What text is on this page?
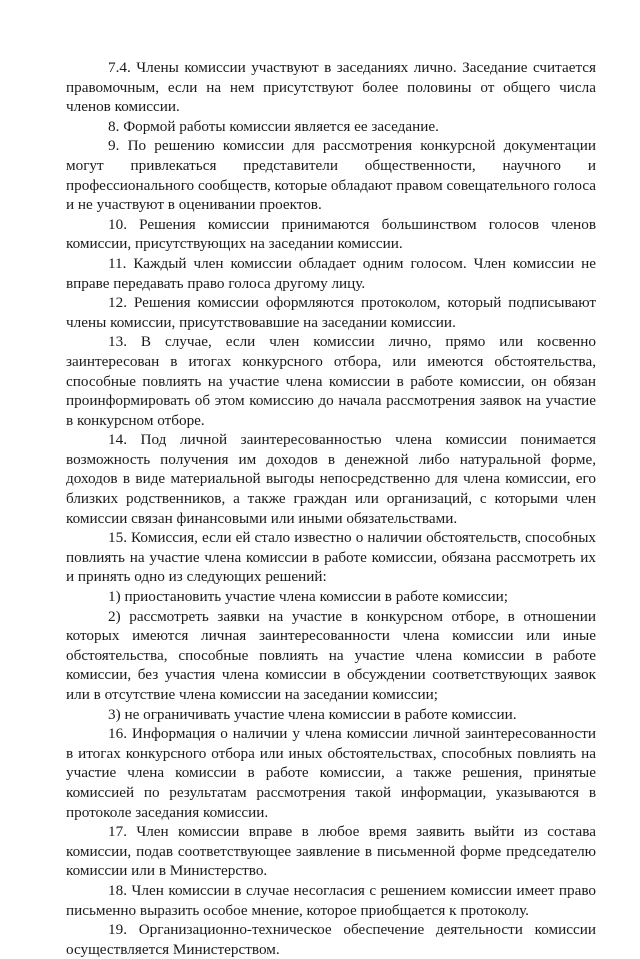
7.4. Члены комиссии участвуют в заседаниях лично. Заседание считается правомочным, если на нем присутствуют более половины от общего числа членов комиссии.

8. Формой работы комиссии является ее заседание.

9. По решению комиссии для рассмотрения конкурсной документации могут привлекаться представители общественности, научного и профессионального сообществ, которые обладают правом совещательного голоса и не участвуют в оценивании проектов.

10. Решения комиссии принимаются большинством голосов членов комиссии, присутствующих на заседании комиссии.

11. Каждый член комиссии обладает одним голосом. Член комиссии не вправе передавать право голоса другому лицу.

12. Решения комиссии оформляются протоколом, который подписывают члены комиссии, присутствовавшие на заседании комиссии.

13. В случае, если член комиссии лично, прямо или косвенно заинтересован в итогах конкурсного отбора, или имеются обстоятельства, способные повлиять на участие члена комиссии в работе комиссии, он обязан проинформировать об этом комиссию до начала рассмотрения заявок на участие в конкурсном отборе.

14. Под личной заинтересованностью члена комиссии понимается возможность получения им доходов в денежной либо натуральной форме, доходов в виде материальной выгоды непосредственно для члена комиссии, его близких родственников, а также граждан или организаций, с которыми член комиссии связан финансовыми или иными обязательствами.

15. Комиссия, если ей стало известно о наличии обстоятельств, способных повлиять на участие члена комиссии в работе комиссии, обязана рассмотреть их и принять одно из следующих решений:

1) приостановить участие члена комиссии в работе комиссии;

2) рассмотреть заявки на участие в конкурсном отборе, в отношении которых имеются личная заинтересованности члена комиссии или иные обстоятельства, способные повлиять на участие члена комиссии в работе комиссии, без участия члена комиссии в обсуждении соответствующих заявок или в отсутствие члена комиссии на заседании комиссии;

3) не ограничивать участие члена комиссии в работе комиссии.

16. Информация о наличии у члена комиссии личной заинтересованности в итогах конкурсного отбора или иных обстоятельствах, способных повлиять на участие члена комиссии в работе комиссии, а также решения, принятые комиссией по результатам рассмотрения такой информации, указываются в протоколе заседания комиссии.

17. Член комиссии вправе в любое время заявить выйти из состава комиссии, подав соответствующее заявление в письменной форме председателю комиссии или в Министерство.

18. Член комиссии в случае несогласия с решением комиссии имеет право письменно выразить особое мнение, которое приобщается к протоколу.

19. Организационно-техническое обеспечение деятельности комиссии осуществляется Министерством.
